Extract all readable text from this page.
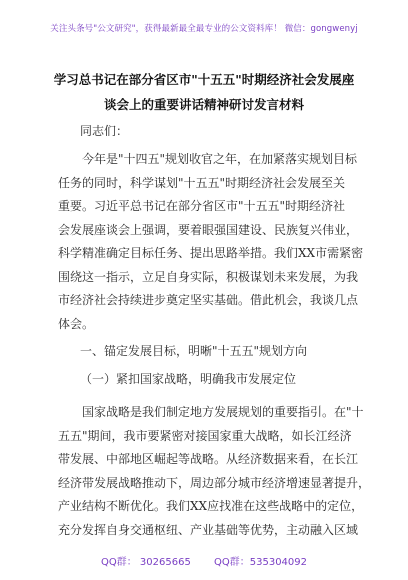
关注头条号"公文研究"，获得最新最全最专业的公文资料库！ 微信：gongwenyj
学习总书记在部分省区市"十五五"时期经济社会发展座
谈会上的重要讲话精神研讨发言材料
同志们：
　　今年是"十四五"规划收官之年，在加紧落实规划目标
任务的同时，科学谋划"十五五"时期经济社会发展至关
重要。习近平总书记在部分省区市"十五五"时期经济社
会发展座谈会上强调，要着眼强国建设、民族复兴伟业，
科学精准确定目标任务、提出思路举措。我们XX市需紧密
围绕这一指示，立足自身实际，积极谋划未来发展，为我
市经济社会持续进步奠定坚实基础。借此机会，我谈几点
体会。
一、锚定发展目标，明晰"十五五"规划方向
（一）紧扣国家战略，明确我市发展定位
　　国家战略是我们制定地方发展规划的重要指引。在"十
五五"期间，我市要紧密对接国家重大战略，如长江经济
带发展、中部地区崛起等战略。从经济数据来看，在长江
经济带发展战略推动下，周边部分城市经济增速显著提升，
产业结构不断优化。我们XX应找准在这些战略中的定位，
充分发挥自身交通枢纽、产业基础等优势，主动融入区域
QQ群： 30265665 QQ群：535304092
